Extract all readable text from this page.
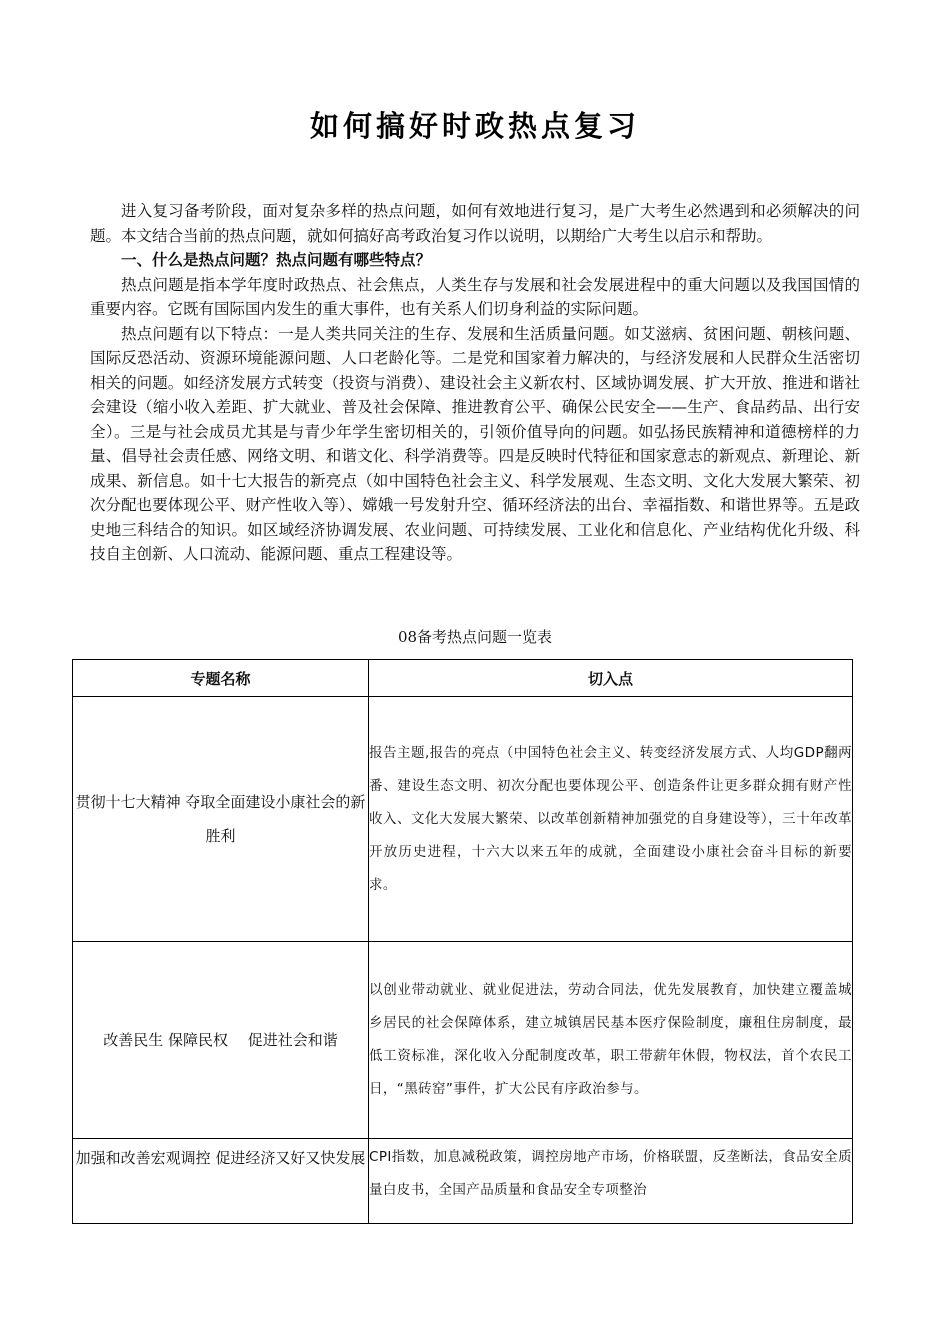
如何搞好时政热点复习

进入复习备考阶段，面对复杂多样的热点问题，如何有效地进行复习，是广大考生必然遇到和必须解决的问题。本文结合当前的热点问题，就如何搞好高考政治复习作以说明，以期给广大考生以启示和帮助。

一、什么是热点问题？热点问题有哪些特点？

热点问题是指本学年度时政热点、社会焦点，人类生存与发展和社会发展进程中的重大问题以及我国国情的重要内容。它既有国际国内发生的重大事件，也有关系人们切身利益的实际问题。

热点问题有以下特点：一是人类共同关注的生存、发展和生活质量问题。如艾滋病、贫困问题、朝核问题、国际反恐活动、资源环境能源问题、人口老龄化等。二是党和国家着力解决的，与经济发展和人民群众生活密切相关的问题。如经济发展方式转变（投资与消费）、建设社会主义新农村、区域协调发展、扩大开放、推进和谐社会建设（缩小收入差距、扩大就业、普及社会保障、推进教育公平、确保公民安全——生产、食品药品、出行安全）。三是与社会成员尤其是与青少年学生密切相关的，引领价值导向的问题。如弘扬民族精神和道德榜样的力量、倡导社会责任感、网络文明、和谐文化、科学消费等。四是反映时代特征和国家意志的新观点、新理论、新成果、新信息。如十七大报告的新亮点（如中国特色社会主义、科学发展观、生态文明、文化大发展大繁荣、初次分配也要体现公平、财产性收入等）、嫦娥一号发射升空、循环经济法的出台、幸福指数、和谐世界等。五是政史地三科结合的知识。如区域经济协调发展、农业问题、可持续发展、工业化和信息化、产业结构优化升级、科技自主创新、人口流动、能源问题、重点工程建设等。

08备考热点问题一览表
专题名称	切入点
贯彻十七大精神 夺取全面建设小康社会的新胜利	报告主题,报告的亮点（中国特色社会主义、转变经济发展方式、人均GDP翻两番、建设生态文明、初次分配也要体现公平、创造条件让更多群众拥有财产性收入、文化大发展大繁荣、以改革创新精神加强党的自身建设等），三十年改革开放历史进程，十六大以来五年的成就，全面建设小康社会奋斗目标的新要求。
改善民生 保障民权　 促进社会和谐	以创业带动就业、就业促进法，劳动合同法，优先发展教育，加快建立覆盖城乡居民的社会保障体系，建立城镇居民基本医疗保险制度，廉租住房制度，最低工资标准，深化收入分配制度改革，职工带薪年休假，物权法，首个农民工日，“黑砖窑”事件，扩大公民有序政治参与。
加强和改善宏观调控 促进经济又好又快发展	CPI指数，加息减税政策，调控房地产市场，价格联盟，反垄断法，食品安全质量白皮书，全国产品质量和食品安全专项整治
